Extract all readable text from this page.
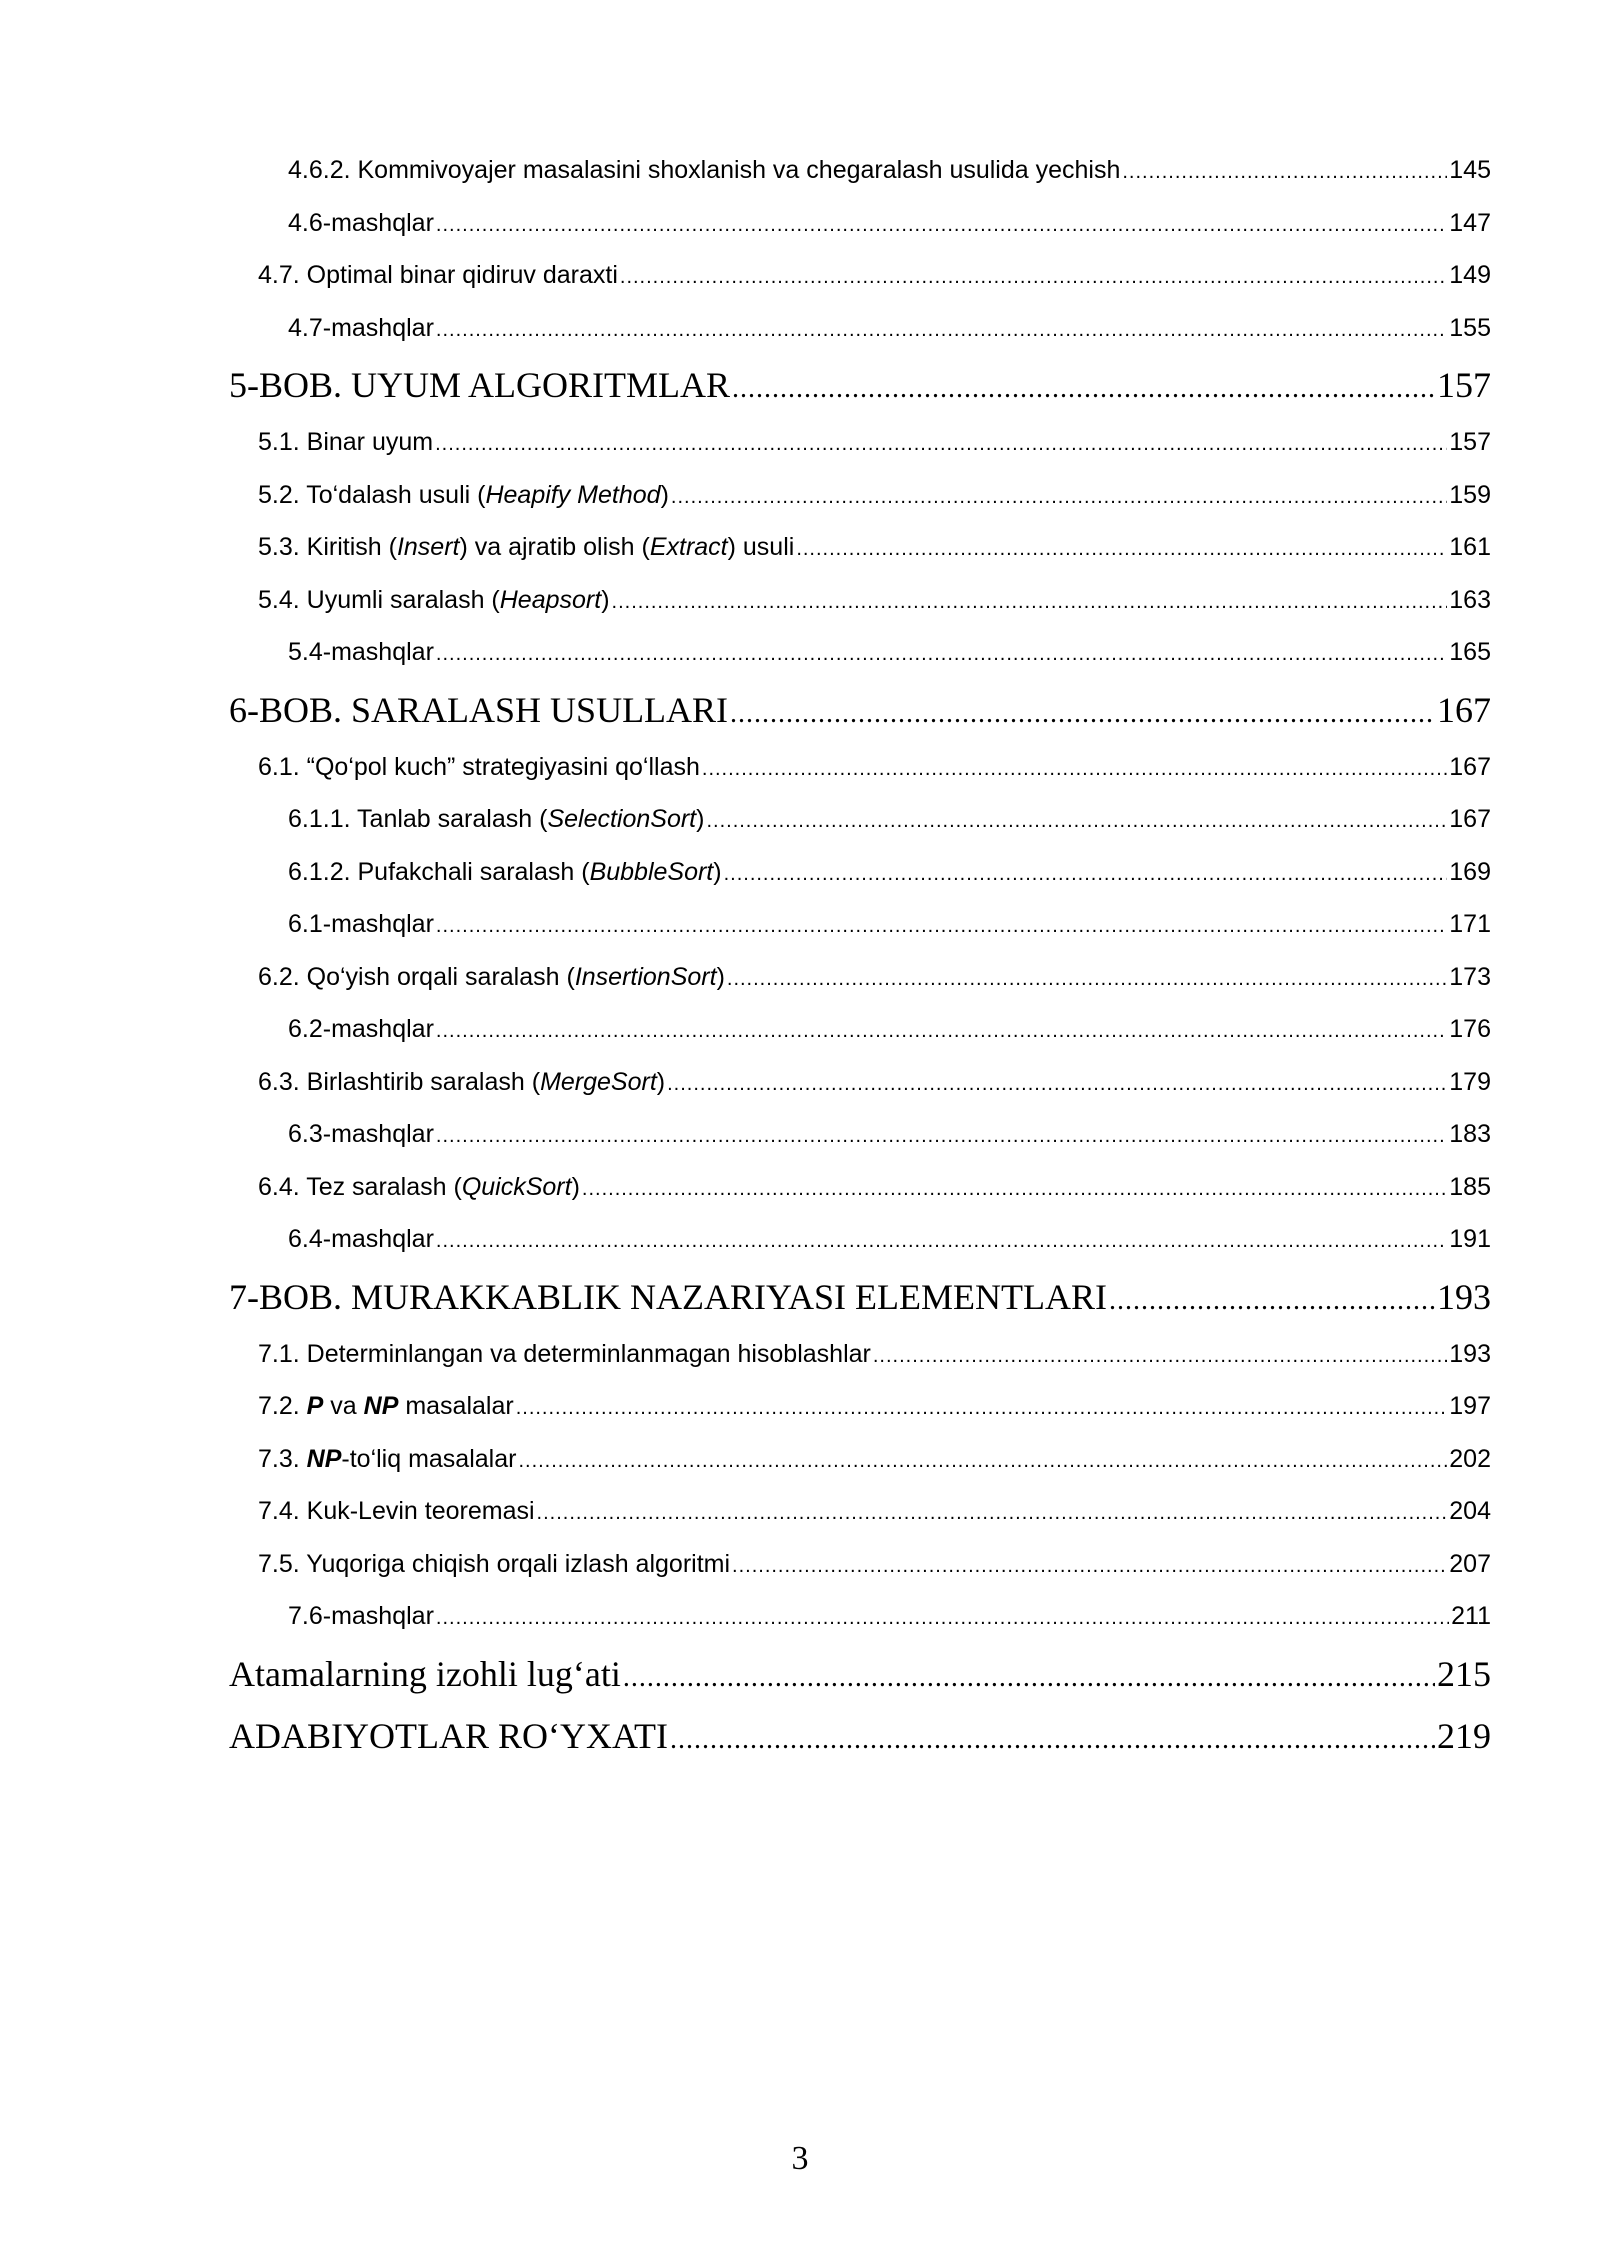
4.6.2. Kommivoyajer masalasini shoxlanish va chegaralash usulida yechish .....	145
4.6-mashqlar .....	147
4.7. Optimal binar qidiruv daraxti .....	149
4.7-mashqlar .....	155
5-BOB. UYUM ALGORITMLAR .....	157
5.1. Binar uyum .....	157
5.2. To‘dalash usuli (Heapify Method) .....	159
5.3. Kiritish (Insert) va ajratib olish (Extract) usuli .....	161
5.4. Uyumli saralash (Heapsort) .....	163
5.4-mashqlar .....	165
6-BOB. SARALASH USULLARI .....	167
6.1. “Qo‘pol kuch” strategiyasini qo‘llash .....	167
6.1.1. Tanlab saralash (SelectionSort) .....	167
6.1.2. Pufakchali saralash (BubbleSort) .....	169
6.1-mashqlar .....	171
6.2. Qo‘yish orqali saralash (InsertionSort) .....	173
6.2-mashqlar .....	176
6.3. Birlashtirib saralash (MergeSort) .....	179
6.3-mashqlar .....	183
6.4. Tez saralash (QuickSort) .....	185
6.4-mashqlar .....	191
7-BOB. MURAKKABLIK NAZARIYASI ELEMENTLARI .....	193
7.1. Determinlangan va determinlanmagan hisoblashlar .....	193
7.2. P va NP masalalar .....	197
7.3. NP-to‘liq masalalar .....	202
7.4. Kuk-Levin teoremasi .....	204
7.5. Yuqoriga chiqish orqali izlash algoritmi .....	207
7.6-mashqlar .....	211
Atamalarning izohli lug‘ati .....	215
ADABIYOTLAR RO‘YXATI .....	219
3
